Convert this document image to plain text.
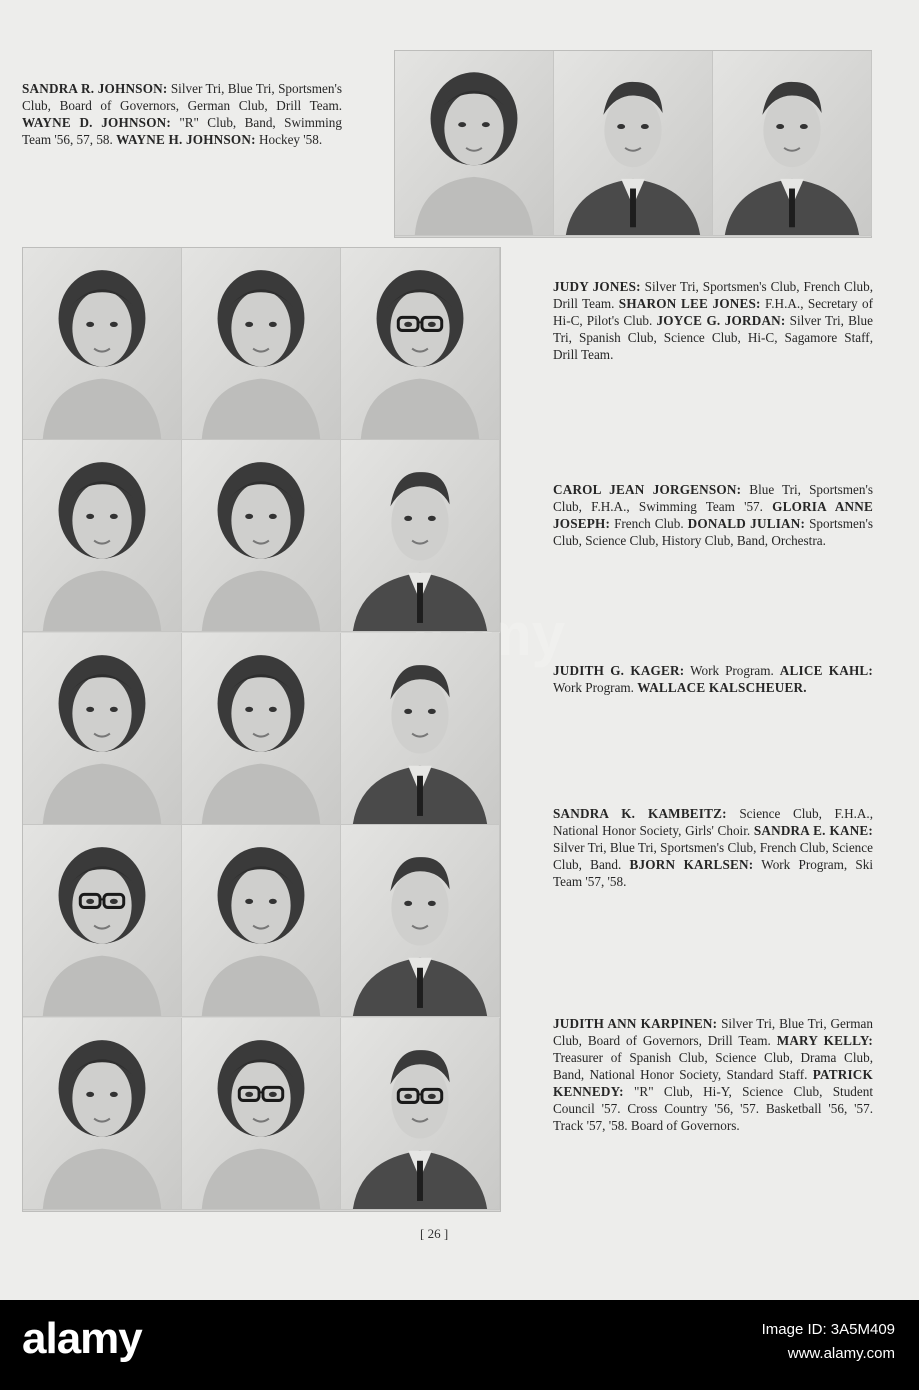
SANDRA R. JOHNSON: Silver Tri, Blue Tri, Sportsmen's Club, Board of Governors, German Club, Drill Team. WAYNE D. JOHNSON: "R" Club, Band, Swimming Team '56, 57, 58. WAYNE H. JOHNSON: Hockey '58.
JUDY JONES: Silver Tri, Sportsmen's Club, French Club, Drill Team. SHARON LEE JONES: F.H.A., Secretary of Hi-C, Pilot's Club. JOYCE G. JORDAN: Silver Tri, Blue Tri, Spanish Club, Science Club, Hi-C, Sagamore Staff, Drill Team.
CAROL JEAN JORGENSON: Blue Tri, Sportsmen's Club, F.H.A., Swimming Team '57. GLORIA ANNE JOSEPH: French Club. DONALD JULIAN: Sportsmen's Club, Science Club, History Club, Band, Orchestra.
JUDITH G. KAGER: Work Program. ALICE KAHL: Work Program. WALLACE KALSCHEUER.
SANDRA K. KAMBEITZ: Science Club, F.H.A., National Honor Society, Girls' Choir. SANDRA E. KANE: Silver Tri, Blue Tri, Sportsmen's Club, French Club, Science Club, Band. BJORN KARLSEN: Work Program, Ski Team '57, '58.
JUDITH ANN KARPINEN: Silver Tri, Blue Tri, German Club, Board of Governors, Drill Team. MARY KELLY: Treasurer of Spanish Club, Science Club, Drama Club, Band, National Honor Society, Standard Staff. PATRICK KENNEDY: "R" Club, Hi-Y, Science Club, Student Council '57. Cross Country '56, '57. Basketball '56, '57. Track '57, '58. Board of Governors.
[ 26 ]
alamy	Image ID: 3A5M409
www.alamy.com
